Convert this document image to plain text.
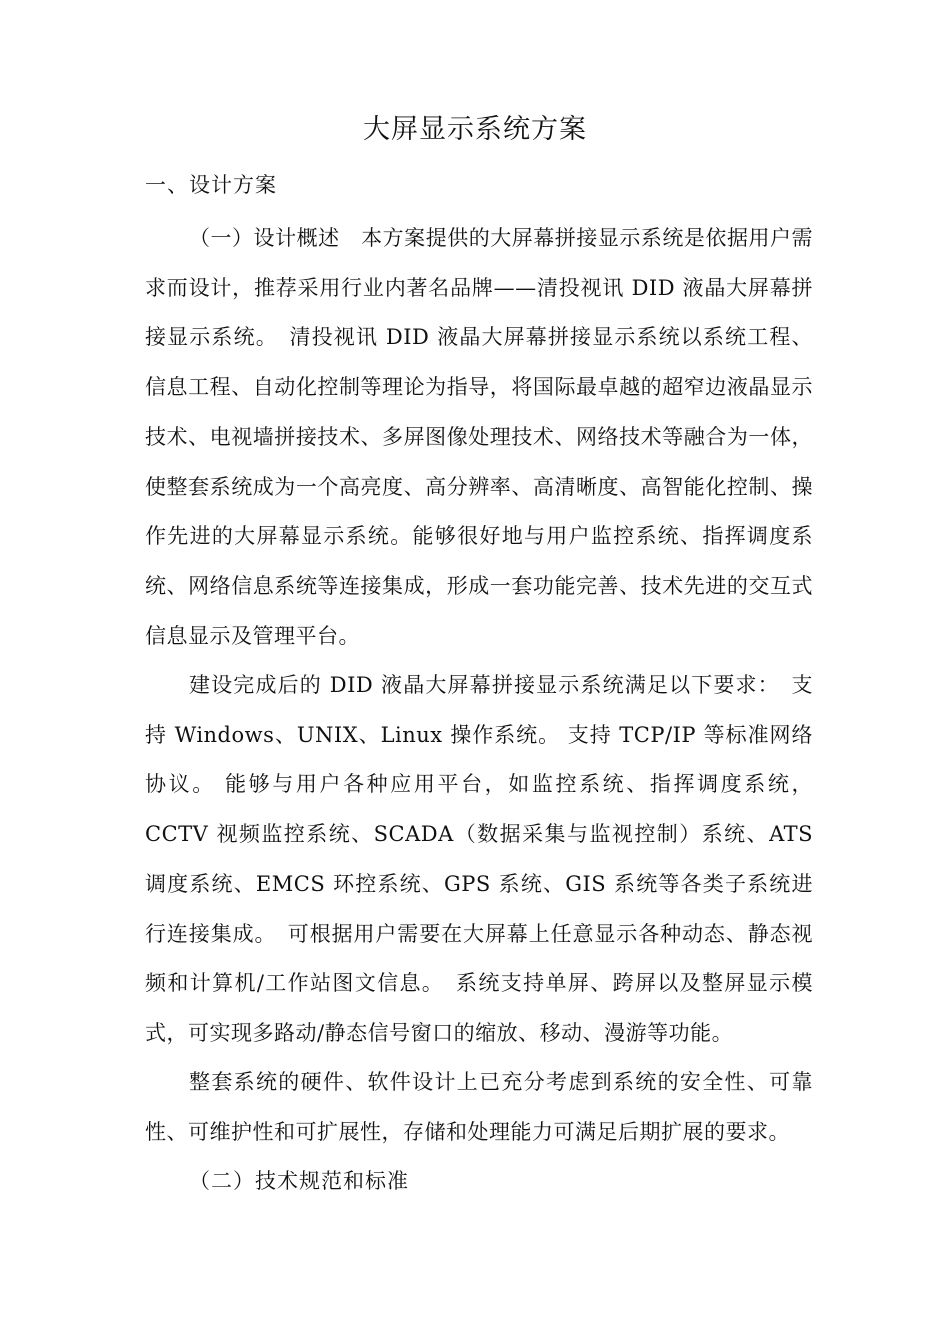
大屏显示系统方案
一、设计方案

（一）设计概述　本方案提供的大屏幕拼接显示系统是依据用户需求而设计，推荐采用行业内著名品牌——清投视讯 DID 液晶大屏幕拼接显示系统。　清投视讯 DID 液晶大屏幕拼接显示系统以系统工程、信息工程、自动化控制等理论为指导，将国际最卓越的超窄边液晶显示技术、电视墙拼接技术、多屏图像处理技术、网络技术等融合为一体，使整套系统成为一个高亮度、高分辨率、高清晰度、高智能化控制、操作先进的大屏幕显示系统。能够很好地与用户监控系统、指挥调度系统、网络信息系统等连接集成，形成一套功能完善、技术先进的交互式信息显示及管理平台。

建设完成后的 DID 液晶大屏幕拼接显示系统满足以下要求：　支持 Windows、UNIX、Linux 操作系统。 支持 TCP/IP 等标准网络协议。 能够与用户各种应用平台，如监控系统、指挥调度系统，CCTV 视频监控系统、SCADA（数据采集与监视控制）系统、ATS 调度系统、EMCS 环控系统、GPS 系统、GIS 系统等各类子系统进行连接集成。　可根据用户需要在大屏幕上任意显示各种动态、静态视频和计算机/工作站图文信息。　系统支持单屏、跨屏以及整屏显示模式，可实现多路动/静态信号窗口的缩放、移动、漫游等功能。

整套系统的硬件、软件设计上已充分考虑到系统的安全性、可靠性、可维护性和可扩展性，存储和处理能力可满足后期扩展的要求。

（二）技术规范和标准
